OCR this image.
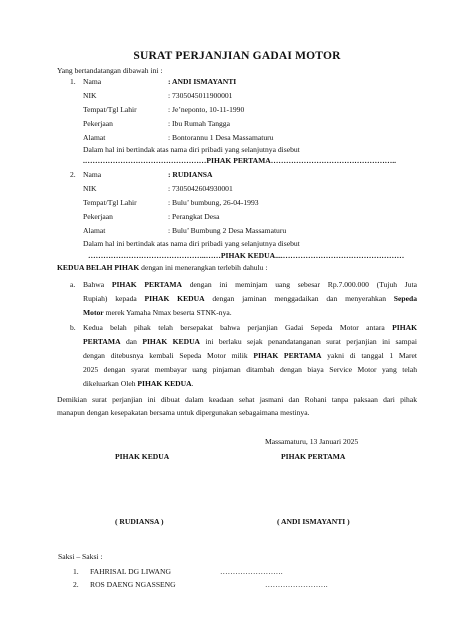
SURAT PERJANJIAN GADAI MOTOR
Yang bertandatangan dibawah ini :
1. Nama	: ANDI ISMAYANTI
NIK	: 7305045011900001
Tempat/Tgl Lahir	: Je’neponto, 10-11-1990
Pekerjaan	: Ibu Rumah Tangga
Alamat	: Bontorannu 1 Desa Massamaturu
Dalam hal ini bertindak atas nama diri pribadi yang selanjutnya disebut
.…………………………………………PIHAK PERTAMA…………………………………………..
2. Nama	: RUDIANSA
NIK	: 7305042604930001
Tempat/Tgl Lahir	: Bulu’ bumbung, 26-04-1993
Pekerjaan	: Perangkat Desa
Alamat	: Bulu’ Bumbung 2 Desa Massamaturu
Dalam hal ini bertindak atas nama diri pribadi yang selanjutnya disebut
………………………………………..……PIHAK KEDUA....…………………………………………
KEDUA BELAH PIHAK dengan ini menerangkan terlebih dahulu :
a. Bahwa PIHAK PERTAMA dengan ini meminjam uang sebesar Rp.7.000.000 (Tujuh Juta
Rupiah) kepada PIHAK KEDUA dengan jaminan menggadaikan dan menyerahkan Sepeda
Motor merek Yamaha Nmax beserta STNK-nya.
b. Kedua belah pihak telah bersepakat bahwa perjanjian Gadai Sepeda Motor antara PIHAK
PERTAMA dan PIHAK KEDUA ini berlaku sejak penandatanganan surat perjanjian ini sampai
dengan ditebusnya kembali Sepeda Motor milik PIHAK PERTAMA yakni di tanggal 1 Maret
2025 dengan syarat membayar uang pinjaman ditambah dengan biaya Service Motor yang telah
dikeluarkan Oleh PIHAK KEDUA.
Demikian surat perjanjian ini dibuat dalam keadaan sehat jasmani dan Rohani tanpa paksaan dari pihak
manapun dengan kesepakatan bersama untuk dipergunakan sebagaimana mestinya.
Massamaturu, 13 Januari 2025
PIHAK KEDUA	PIHAK PERTAMA
( RUDIANSA )	( ANDI ISMAYANTI )
Saksi – Saksi :
1. FAHRISAL DG LIWANG	…………………….
2. ROS DAENG NGASSENG	…………………….
